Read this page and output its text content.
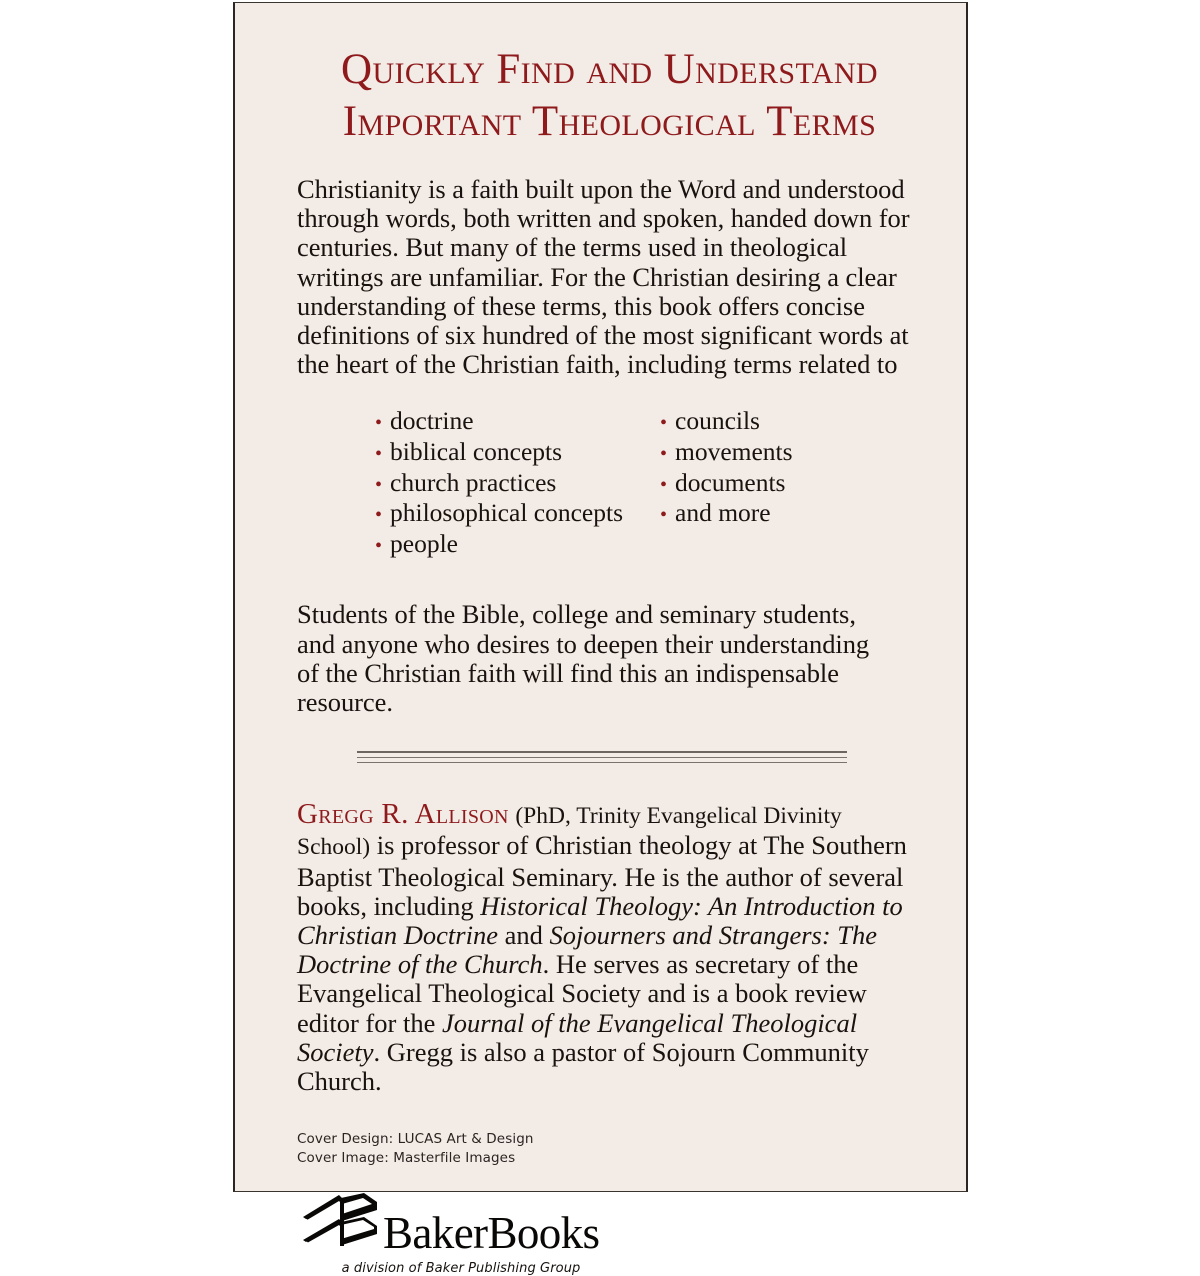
Quickly Find and Understand
Important Theological Terms

Christianity is a faith built upon the Word and understood through words, both written and spoken, handed down for centuries. But many of the terms used in theological writings are unfamiliar. For the Christian desiring a clear understanding of these terms, this book offers concise definitions of six hundred of the most significant words at the heart of the Christian faith, including terms related to

• doctrine
• biblical concepts
• church practices
• philosophical concepts
• people
• councils
• movements
• documents
• and more

Students of the Bible, college and seminary students, and anyone who desires to deepen their understanding of the Christian faith will find this an indispensable resource.

Gregg R. Allison (PhD, Trinity Evangelical Divinity School) is professor of Christian theology at The Southern Baptist Theological Seminary. He is the author of several books, including Historical Theology: An Introduction to Christian Doctrine and Sojourners and Strangers: The Doctrine of the Church. He serves as secretary of the Evangelical Theological Society and is a book review editor for the Journal of the Evangelical Theological Society. Gregg is also a pastor of Sojourn Community Church.

Cover Design: LUCAS Art & Design
Cover Image: Masterfile Images
BakerBooks
a division of Baker Publishing Group
